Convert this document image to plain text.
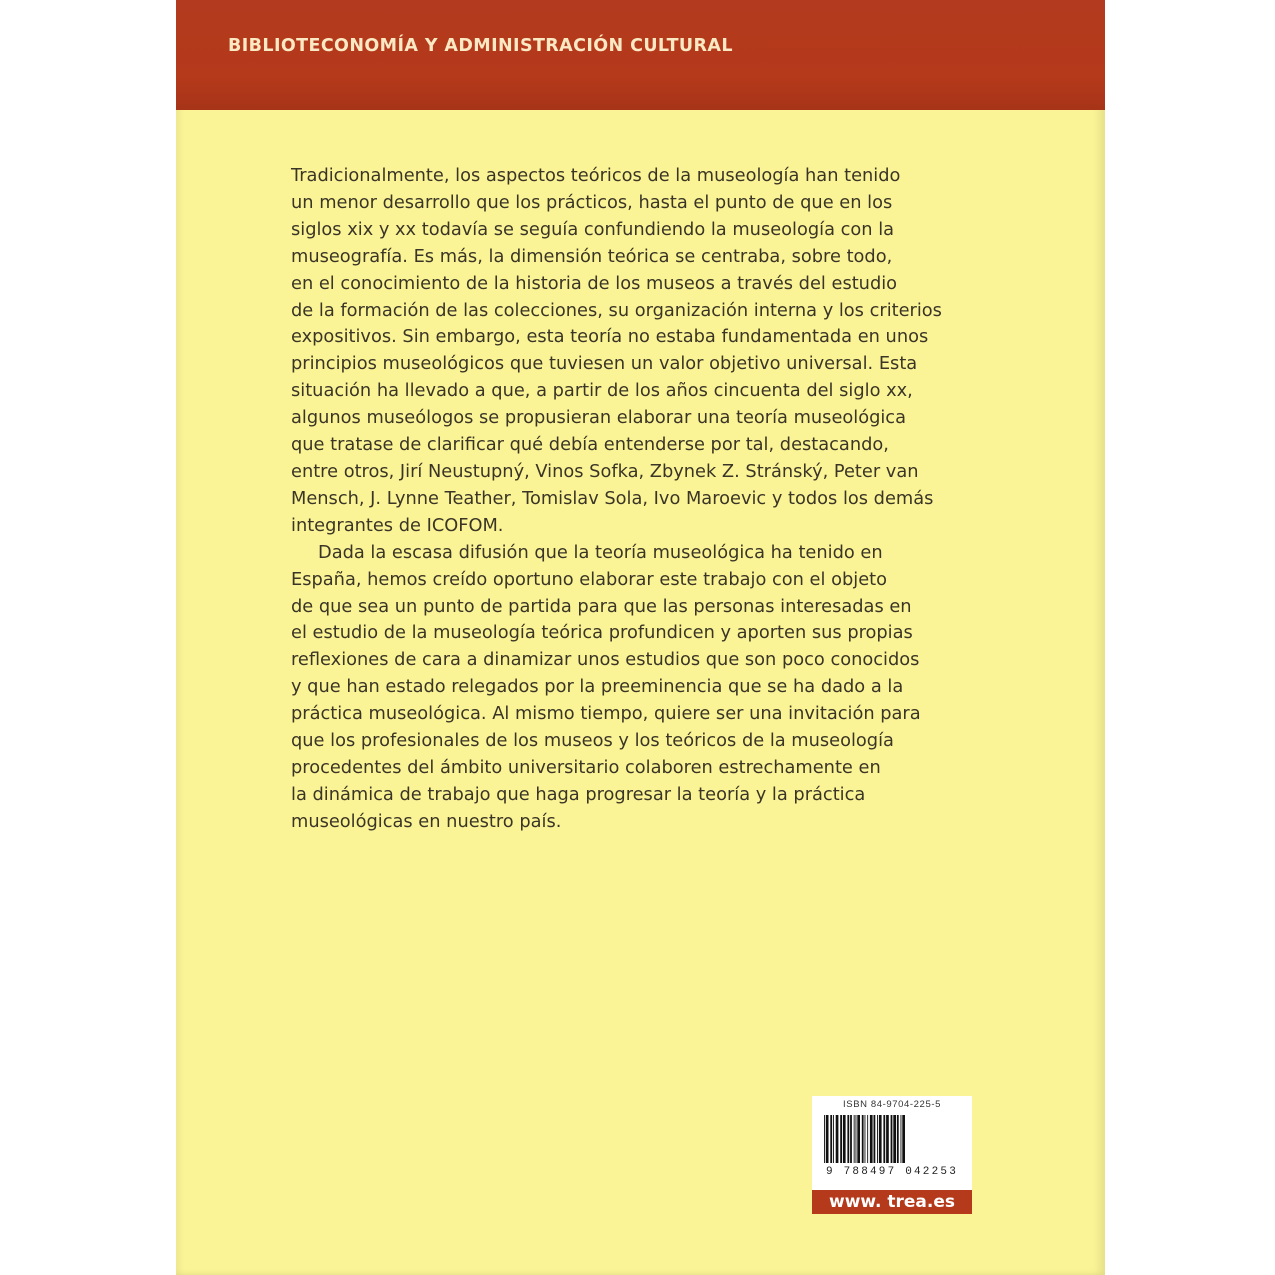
BIBLIOTECONOMÍA Y ADMINISTRACIÓN CULTURAL

Tradicionalmente, los aspectos teóricos de la museología han tenido
un menor desarrollo que los prácticos, hasta el punto de que en los
siglos xix y xx todavía se seguía confundiendo la museología con la
museografía. Es más, la dimensión teórica se centraba, sobre todo,
en el conocimiento de la historia de los museos a través del estudio
de la formación de las colecciones, su organización interna y los criterios
expositivos. Sin embargo, esta teoría no estaba fundamentada en unos
principios museológicos que tuviesen un valor objetivo universal. Esta
situación ha llevado a que, a partir de los años cincuenta del siglo xx,
algunos museólogos se propusieran elaborar una teoría museológica
que tratase de clarificar qué debía entenderse por tal, destacando,
entre otros, Jirí Neustupný, Vinos Sofka, Zbynek Z. Stránský, Peter van
Mensch, J. Lynne Teather, Tomislav Sola, Ivo Maroevic y todos los demás
integrantes de ICOFOM.

Dada la escasa difusión que la teoría museológica ha tenido en
España, hemos creído oportuno elaborar este trabajo con el objeto
de que sea un punto de partida para que las personas interesadas en
el estudio de la museología teórica profundicen y aporten sus propias
reflexiones de cara a dinamizar unos estudios que son poco conocidos
y que han estado relegados por la preeminencia que se ha dado a la
práctica museológica. Al mismo tiempo, quiere ser una invitación para
que los profesionales de los museos y los teóricos de la museología
procedentes del ámbito universitario colaboren estrechamente en
la dinámica de trabajo que haga progresar la teoría y la práctica
museológicas en nuestro país.

ISBN 84-9704-225-5
9 788497 042253
www. trea.es
